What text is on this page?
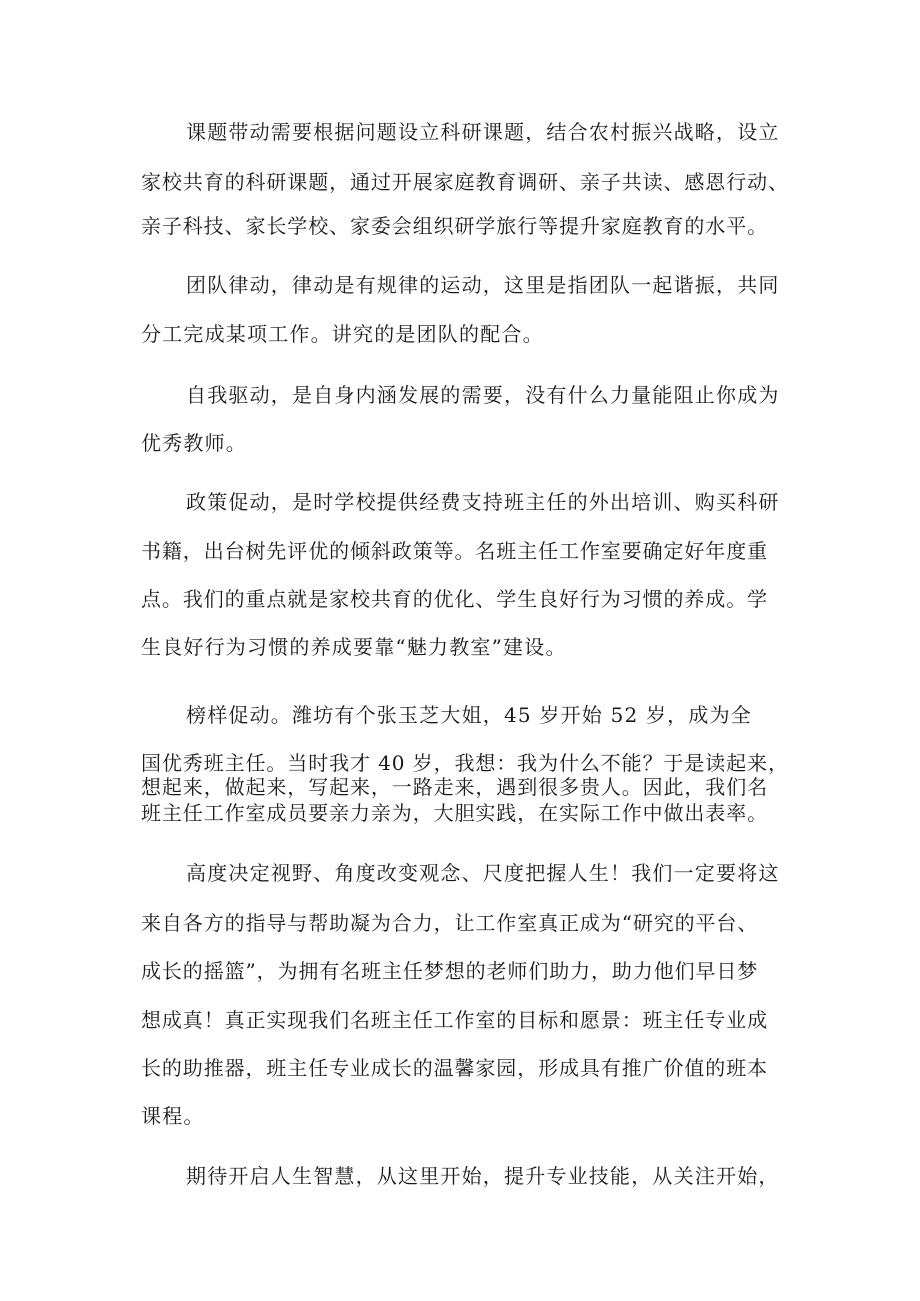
课题带动需要根据问题设立科研课题，结合农村振兴战略，设立
家校共育的科研课题，通过开展家庭教育调研、亲子共读、感恩行动、
亲子科技、家长学校、家委会组织研学旅行等提升家庭教育的水平。
团队律动，律动是有规律的运动，这里是指团队一起谐振，共同
分工完成某项工作。讲究的是团队的配合。
自我驱动，是自身内涵发展的需要，没有什么力量能阻止你成为
优秀教师。
政策促动，是时学校提供经费支持班主任的外出培训、购买科研
书籍，出台树先评优的倾斜政策等。名班主任工作室要确定好年度重
点。我们的重点就是家校共育的优化、学生良好行为习惯的养成。学
生良好行为习惯的养成要靠“魅力教室”建设。
榜样促动。潍坊有个张玉芝大姐，45 岁开始 52 岁，成为全
国优秀班主任。当时我才 40 岁，我想：我为什么不能？于是读起来，
想起来，做起来，写起来，一路走来，遇到很多贵人。因此，我们名
班主任工作室成员要亲力亲为，大胆实践，在实际工作中做出表率。
高度决定视野、角度改变观念、尺度把握人生！我们一定要将这
来自各方的指导与帮助凝为合力，让工作室真正成为“研究的平台、
成长的摇篮”，为拥有名班主任梦想的老师们助力，助力他们早日梦
想成真！真正实现我们名班主任工作室的目标和愿景：班主任专业成
长的助推器，班主任专业成长的温馨家园，形成具有推广价值的班本
课程。
期待开启人生智慧，从这里开始，提升专业技能，从关注开始，
